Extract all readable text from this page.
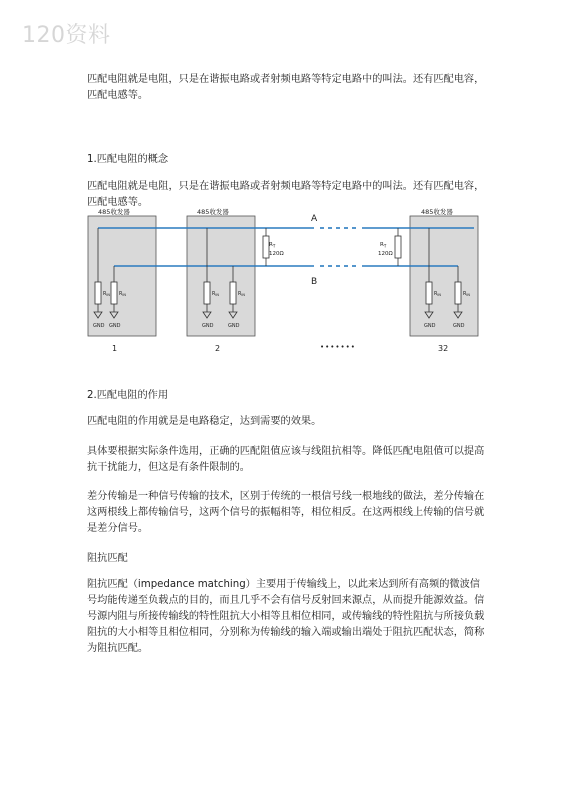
120资料

匹配电阻就是电阻，只是在谐振电路或者射频电路等特定电路中的叫法。还有匹配电容，匹配电感等。

1.匹配电阻的概念

匹配电阻就是电阻，只是在谐振电路或者射频电路等特定电路中的叫法。还有匹配电容，匹配电感等。

485收发器	485收发器	485收发器
A
B
$R_T$
120Ω
$R_T$
120Ω
$R_{IN}$
GND
$R_{IN}$
GND
$R_{IN}$
GND
$R_{IN}$
GND
$R_{IN}$
GND
$R_{IN}$
GND
1	2	•••••••	32

2.匹配电阻的作用

匹配电阻的作用就是是电路稳定，达到需要的效果。

具体要根据实际条件选用，正确的匹配阻值应该与线阻抗相等。降低匹配电阻值可以提高抗干扰能力，但这是有条件限制的。

差分传输是一种信号传输的技术，区别于传统的一根信号线一根地线的做法，差分传输在这两根线上都传输信号，这两个信号的振幅相等，相位相反。在这两根线上传输的信号就是差分信号。

阻抗匹配

阻抗匹配（impedance matching）主要用于传输线上，以此来达到所有高频的微波信号均能传递至负载点的目的，而且几乎不会有信号反射回来源点，从而提升能源效益。信号源内阻与所接传输线的特性阻抗大小相等且相位相同，或传输线的特性阻抗与所接负载阻抗的大小相等且相位相同，分别称为传输线的输入端或输出端处于阻抗匹配状态，简称为阻抗匹配。
